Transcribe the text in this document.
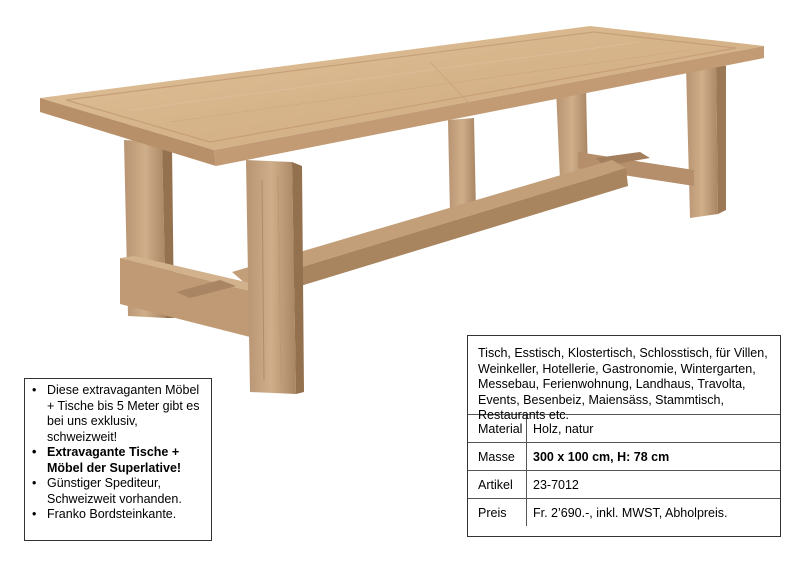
• Diese extravaganten Möbel + Tische bis 5 Meter gibt es bei uns exklusiv, schweizweit!
• Extravagante Tische + Möbel der Superlative!
• Günstiger Spediteur, Schweizweit vorhanden.
• Franko Bordsteinkante.
Tisch, Esstisch, Klostertisch, Schlosstisch, für Villen, Weinkeller, Hotellerie, Gastronomie, Wintergarten, Messebau, Ferienwohnung, Landhaus, Travolta, Events, Besenbeiz, Maiensäss, Stammtisch, Restaurants etc.
Material	Holz, natur
Masse	300 x 100 cm, H: 78 cm
Artikel	23-7012
Preis	Fr. 2’690.-, inkl. MWST, Abholpreis.
